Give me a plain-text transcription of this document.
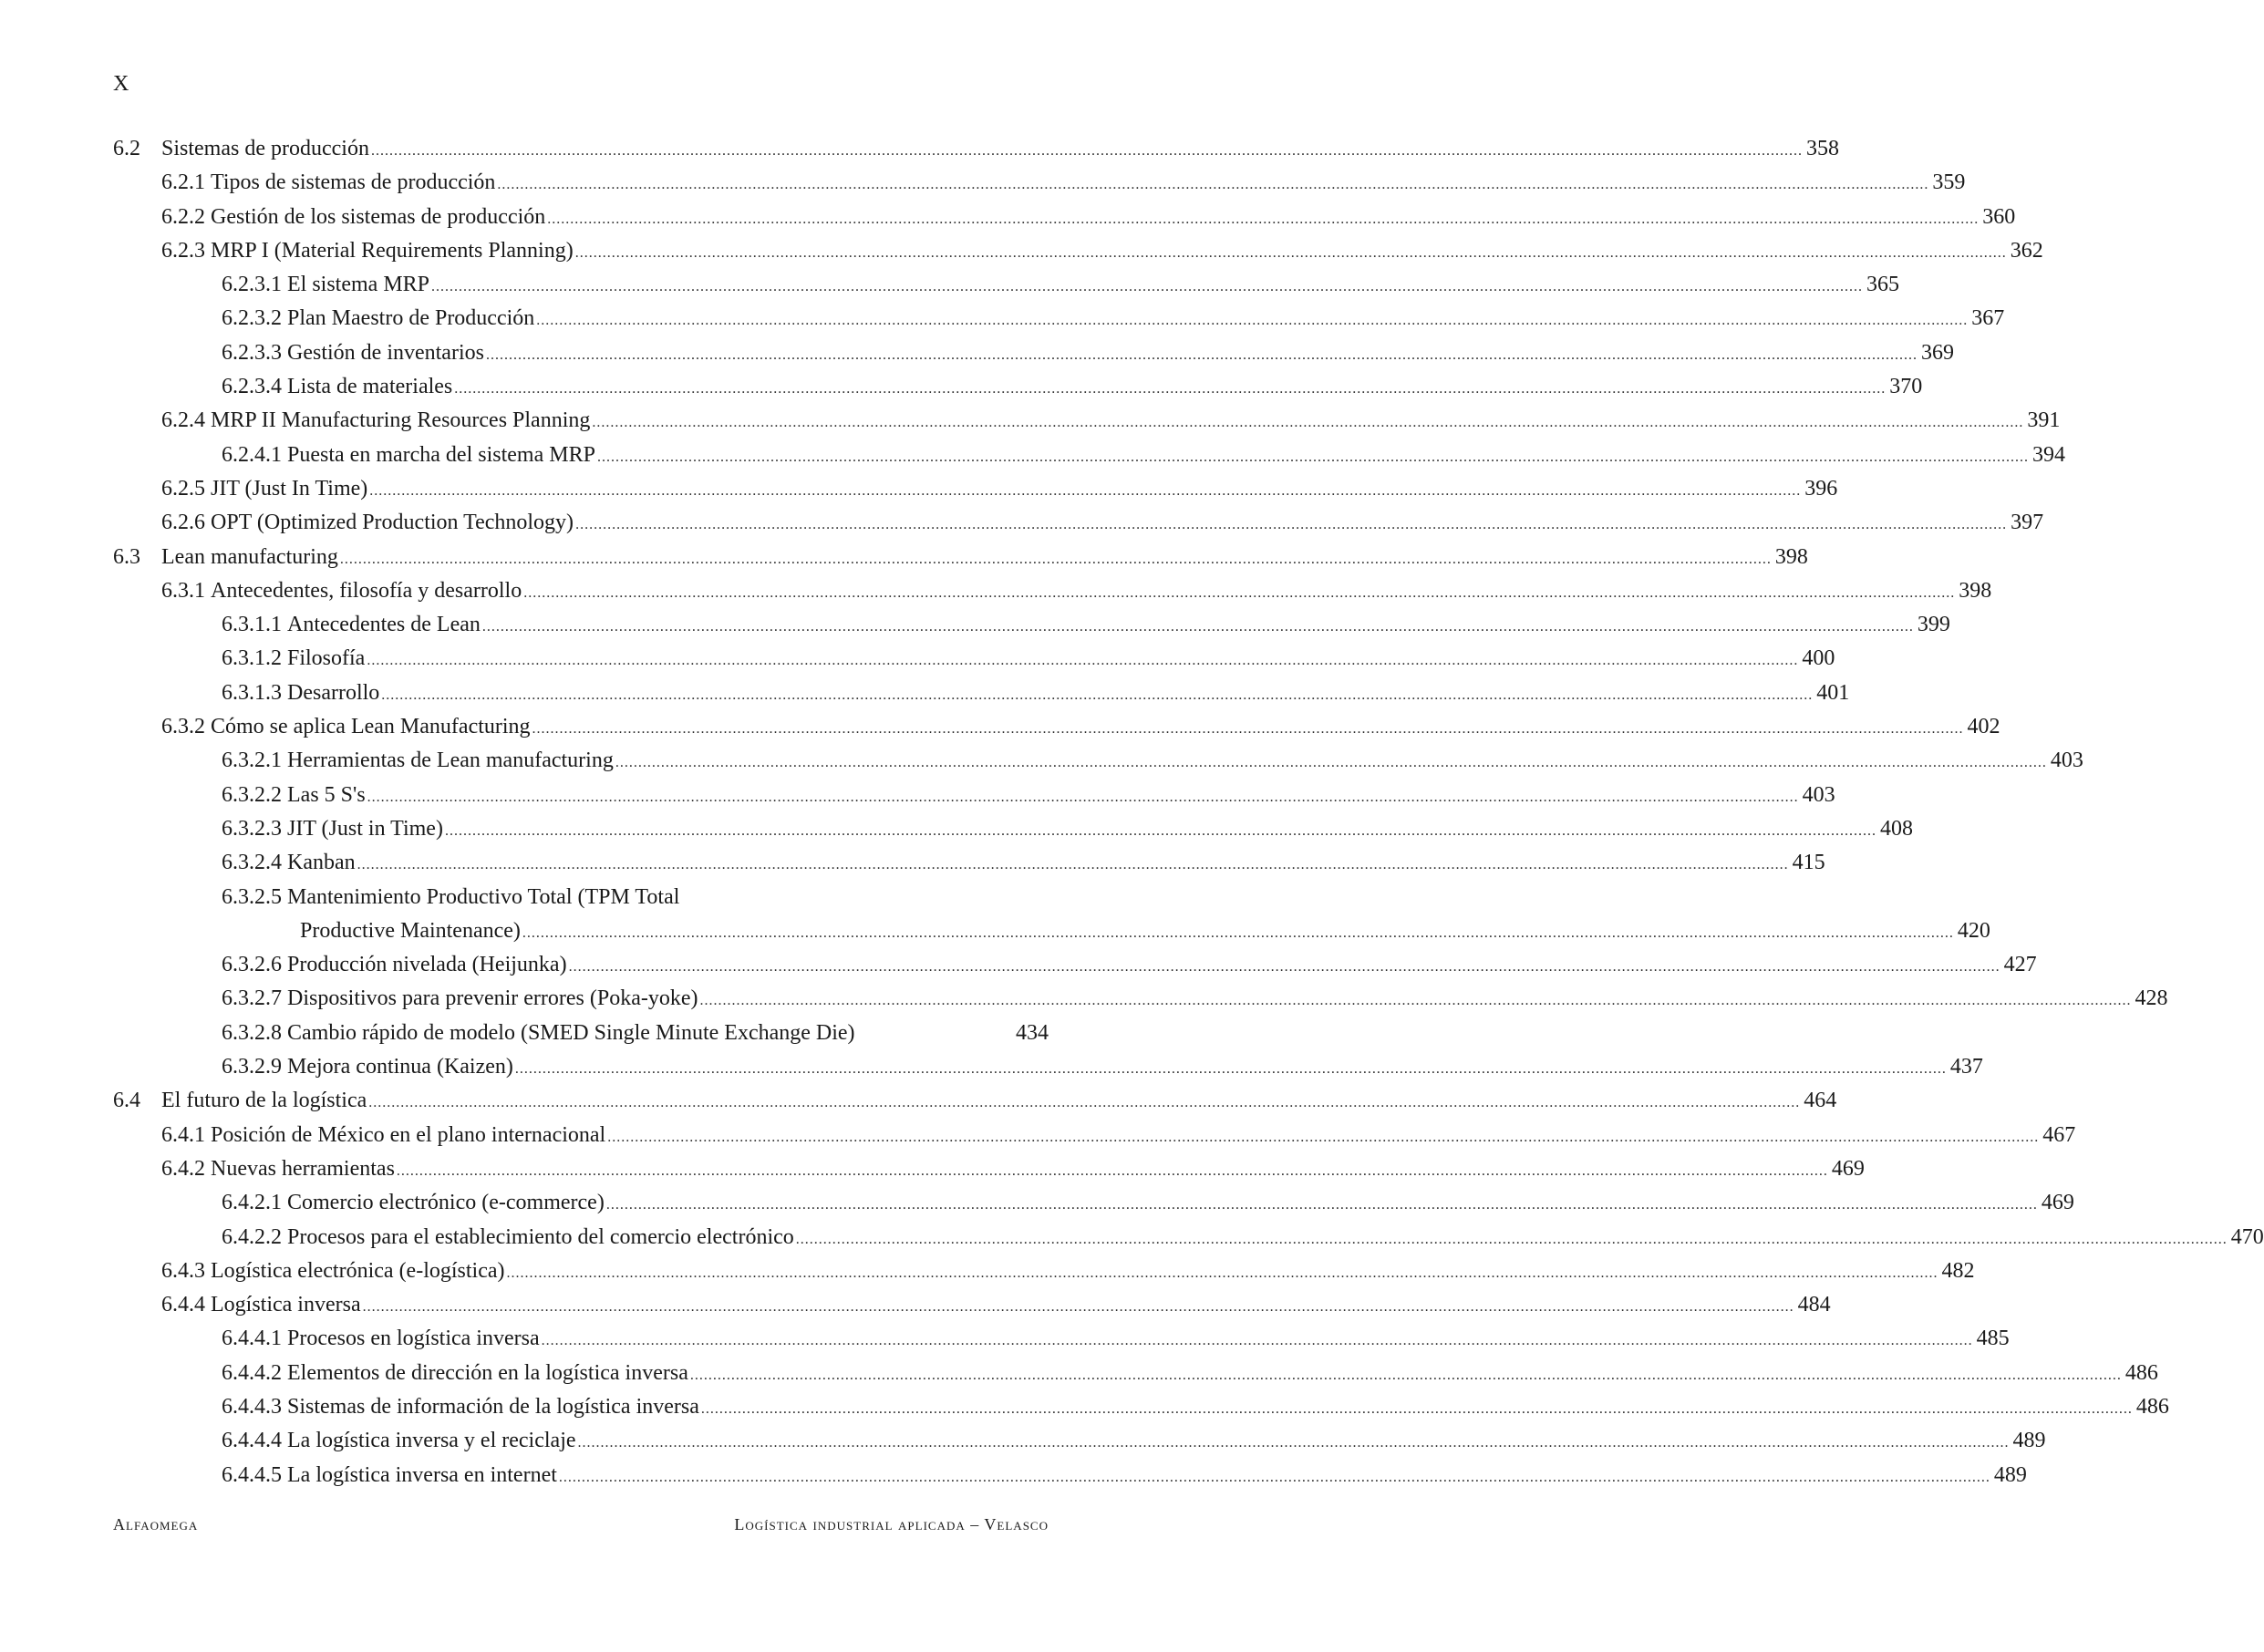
X
6.2 Sistemas de producción .....	358
6.2.1 Tipos de sistemas de producción .....	359
6.2.2 Gestión de los sistemas de producción .....	360
6.2.3 MRP I (Material Requirements Planning) .....	362
6.2.3.1 El sistema MRP .....	365
6.2.3.2 Plan Maestro de Producción .....	367
6.2.3.3 Gestión de inventarios .....	369
6.2.3.4 Lista de materiales .....	370
6.2.4 MRP II Manufacturing Resources Planning .....	391
6.2.4.1 Puesta en marcha del sistema MRP .....	394
6.2.5 JIT (Just In Time) .....	396
6.2.6 OPT (Optimized Production Technology) .....	397
6.3 Lean manufacturing .....	398
6.3.1 Antecedentes, filosofía y desarrollo .....	398
6.3.1.1 Antecedentes de Lean .....	399
6.3.1.2 Filosofía .....	400
6.3.1.3 Desarrollo .....	401
6.3.2 Cómo se aplica Lean Manufacturing .....	402
6.3.2.1 Herramientas de Lean manufacturing .....	403
6.3.2.2 Las 5 S's .....	403
6.3.2.3 JIT (Just in Time) .....	408
6.3.2.4 Kanban .....	415
6.3.2.5 Mantenimiento Productivo Total (TPM Total
Productive Maintenance) .....	420
6.3.2.6 Producción nivelada (Heijunka) .....	427
6.3.2.7 Dispositivos para prevenir errores (Poka-yoke) .....	428
6.3.2.8 Cambio rápido de modelo (SMED Single Minute Exchange Die)	434
6.3.2.9 Mejora continua (Kaizen) .....	437
6.4 El futuro de la logística .....	464
6.4.1 Posición de México en el plano internacional .....	467
6.4.2 Nuevas herramientas .....	469
6.4.2.1 Comercio electrónico (e-commerce) .....	469
6.4.2.2 Procesos para el establecimiento del comercio electrónico .....	470
6.4.3 Logística electrónica (e-logística) .....	482
6.4.4 Logística inversa .....	484
6.4.4.1 Procesos en logística inversa .....	485
6.4.4.2 Elementos de dirección en la logística inversa .....	486
6.4.4.3 Sistemas de información de la logística inversa .....	486
6.4.4.4 La logística inversa y el reciclaje .....	489
6.4.4.5 La logística inversa en internet .....	489
Alfaomega	Logística industrial aplicada – Velasco
